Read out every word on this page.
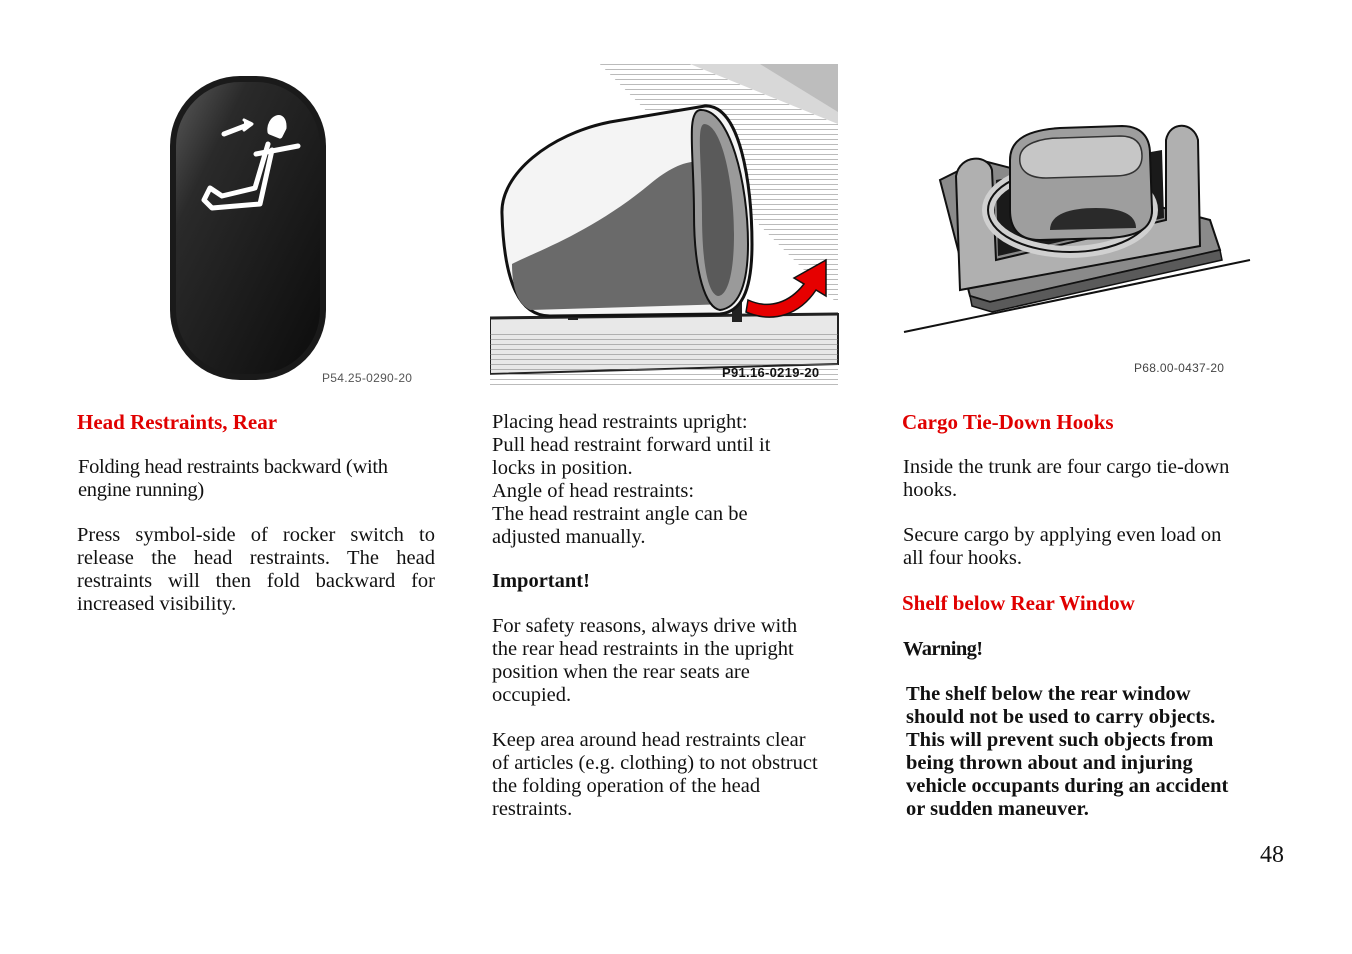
P54.25-0290-20	P91.16-0219-20	P68.00-0437-20
Head Restraints, Rear
Folding head restraints backward (with
engine running)

Press symbol-side of rocker switch to release the head restraints. The head restraints will then fold backward for increased visibility.

Placing head restraints upright:
Pull head restraint forward until it
locks in position.
Angle of head restraints:
The head restraint angle can be
adjusted manually.
Important!
For safety reasons, always drive with
the rear head restraints in the upright
position when the rear seats are
occupied.
Keep area around head restraints clear
of articles (e.g. clothing) to not obstruct
the folding operation of the head
restraints.
Cargo Tie-Down Hooks
Inside the trunk are four cargo tie-down
hooks.
Secure cargo by applying even load on
all four hooks.
Shelf below Rear Window
Warning!
The shelf below the rear window
should not be used to carry objects.
This will prevent such objects from
being thrown about and injuring
vehicle occupants during an accident
or sudden maneuver.
48
